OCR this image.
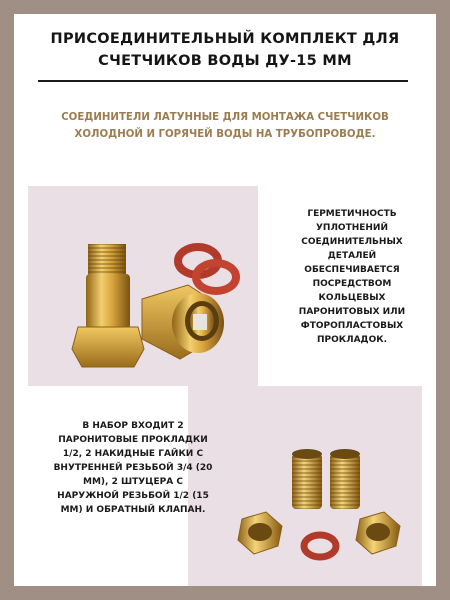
ПРИСОЕДИНИТЕЛЬНЫЙ КОМПЛЕКТ ДЛЯ СЧЕТЧИКОВ ВОДЫ ДУ-15 ММ
СОЕДИНИТЕЛИ ЛАТУННЫЕ ДЛЯ МОНТАЖА СЧЕТЧИКОВ ХОЛОДНОЙ И ГОРЯЧЕЙ ВОДЫ НА ТРУБОПРОВОДЕ.
ГЕРМЕТИЧНОСТЬ УПЛОТНЕНИЙ СОЕДИНИТЕЛЬНЫХ ДЕТАЛЕЙ ОБЕСПЕЧИВАЕТСЯ ПОСРЕДСТВОМ КОЛЬЦЕВЫХ ПАРОНИТОВЫХ ИЛИ ФТОРОПЛАСТОВЫХ ПРОКЛАДОК.
В НАБОР ВХОДИТ 2 ПАРОНИТОВЫЕ ПРОКЛАДКИ 1/2, 2 НАКИДНЫЕ ГАЙКИ С ВНУТРЕННЕЙ РЕЗЬБОЙ 3/4 (20 ММ), 2 ШТУЦЕРА С НАРУЖНОЙ РЕЗЬБОЙ 1/2 (15 ММ) И ОБРАТНЫЙ КЛАПАН.
